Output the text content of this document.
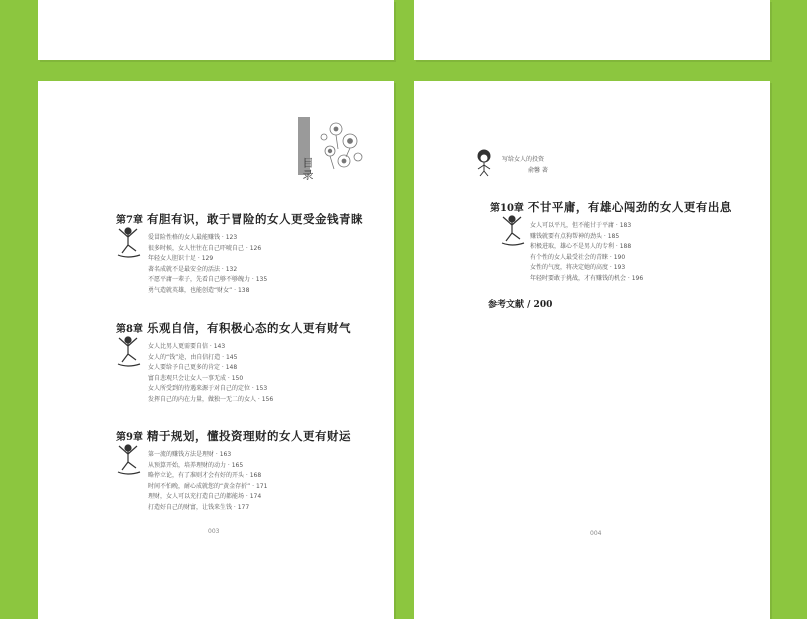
目录
第7章 有胆有识，敢于冒险的女人更受金钱青睐
爱冒险性格的女人最能赚钱 · 123
很多时候，女人往往在自己吓唬自己 · 126
年轻女人胆识十足 · 129
著名成就不是最安全的活法 · 132
不愿平庸一辈子，先看自己够不够魄力 · 135
勇气造就英雄，也能创造“财女” · 138
第8章 乐观自信，有积极心态的女人更有财气
女人比男人更需要自信 · 143
女人的“钱”途，由自信打造 · 145
女人要给予自己更多的肯定 · 148
富自悲观只会让女人一事无成 · 150
女人所受到的待遇来源于对自己的定位 · 153
发挥自己的内在力量，做独一无二的女人 · 156
第9章 精于规划，懂投资理财的女人更有财运
第一流的赚钱方法是理财 · 163
从预算开始，培养理财的动力 · 165
略停立论，有了准则才会有好的开头 · 168
时间不怕晚，耐心成就您的“黄金存折” · 171
理财，女人可以充打造自己的都能场 · 174
打造好自己的财富，让钱来生钱 · 177
003
写给女人的投资
俞馨 著
第10章 不甘平庸，有雄心闯劲的女人更有出息
女人可以平凡，但不能甘于平庸 · 183
赚钱就要有点狗帮神的劲头 · 185
积极进取，雄心不是男人的专利 · 188
有个性的女人最受社会的青睐 · 190
女性的气度，将决定她的高度 · 193
年轻时要敢于挑战，才有赚钱的机会 · 196
参考文献 / 200
004
